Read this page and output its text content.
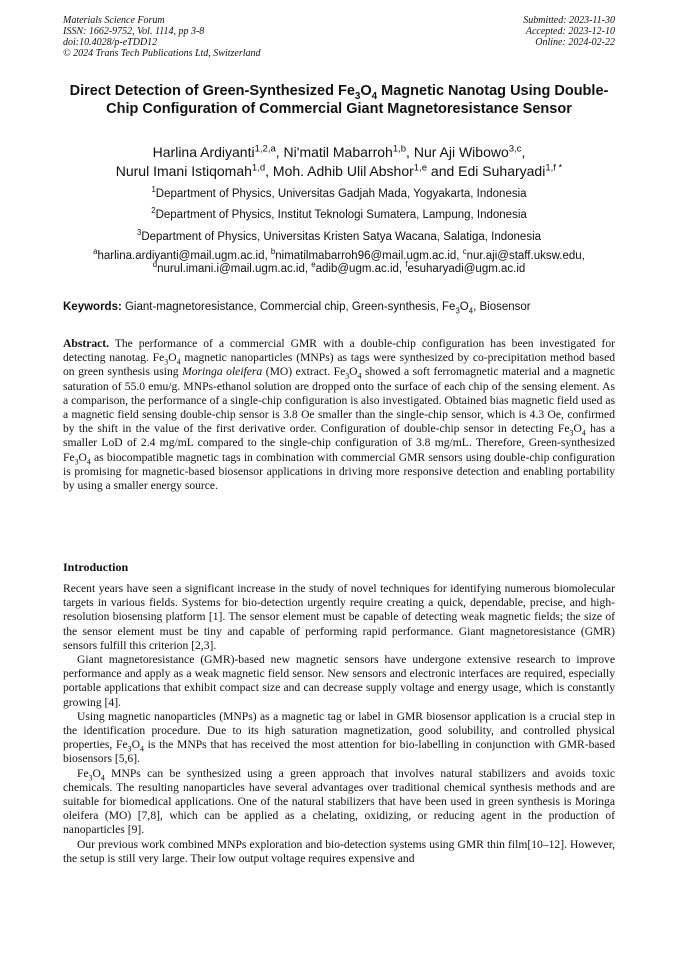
Materials Science Forum
ISSN: 1662-9752, Vol. 1114, pp 3-8
doi:10.4028/p-eTDD12
© 2024 Trans Tech Publications Ltd, Switzerland
Submitted: 2023-11-30
Accepted: 2023-12-10
Online: 2024-02-22
Direct Detection of Green-Synthesized $Fe_3O_4$ Magnetic Nanotag Using Double-Chip Configuration of Commercial Giant Magnetoresistance Sensor
Harlina Ardiyanti$^{1,2,a}$, Ni'matil Mabarroh$^{1,b}$, Nur Aji Wibowo$^{3,c}$,
Nurul Imani Istiqomah$^{1,d}$, Moh. Adhib Ulil Abshor$^{1,e}$ and Edi Suharyadi$^{1,f *}$
$^1$Department of Physics, Universitas Gadjah Mada, Yogyakarta, Indonesia
$^2$Department of Physics, Institut Teknologi Sumatera, Lampung, Indonesia
$^3$Department of Physics, Universitas Kristen Satya Wacana, Salatiga, Indonesia
$^a$harlina.ardiyanti@mail.ugm.ac.id, $^b$nimatilmabarroh96@mail.ugm.ac.id, $^c$nur.aji@staff.uksw.edu,
$^d$nurul.imani.i@mail.ugm.ac.id, $^e$adib@ugm.ac.id, $^f$esuharyadi@ugm.ac.id
Keywords: Giant-magnetoresistance, Commercial chip, Green-synthesis, $Fe_3O_4$, Biosensor
Abstract. The performance of a commercial GMR with a double-chip configuration has been investigated for detecting nanotag. $Fe_3O_4$ magnetic nanoparticles (MNPs) as tags were synthesized by co-precipitation method based on green synthesis using Moringa oleifera (MO) extract. $Fe_3O_4$ showed a soft ferromagnetic material and a magnetic saturation of 55.0 emu/g. MNPs-ethanol solution are dropped onto the surface of each chip of the sensing element. As a comparison, the performance of a single-chip configuration is also investigated. Obtained bias magnetic field used as a magnetic field sensing double-chip sensor is 3.8 Oe smaller than the single-chip sensor, which is 4.3 Oe, confirmed by the shift in the value of the first derivative order. Configuration of double-chip sensor in detecting $Fe_3O_4$ has a smaller LoD of 2.4 mg/mL compared to the single-chip configuration of 3.8 mg/mL. Therefore, Green-synthesized $Fe_3O_4$ as biocompatible magnetic tags in combination with commercial GMR sensors using double-chip configuration is promising for magnetic-based biosensor applications in driving more responsive detection and enabling portability by using a smaller energy source.
Introduction

Recent years have seen a significant increase in the study of novel techniques for identifying numerous biomolecular targets in various fields. Systems for bio-detection urgently require creating a quick, dependable, precise, and high-resolution biosensing platform [1]. The sensor element must be capable of detecting weak magnetic fields; the size of the sensor element must be tiny and capable of performing rapid performance. Giant magnetoresistance (GMR) sensors fulfill this criterion [2,3].

Giant magnetoresistance (GMR)-based new magnetic sensors have undergone extensive research to improve performance and apply as a weak magnetic field sensor. New sensors and electronic interfaces are required, especially portable applications that exhibit compact size and can decrease supply voltage and energy usage, which is constantly growing [4].

Using magnetic nanoparticles (MNPs) as a magnetic tag or label in GMR biosensor application is a crucial step in the identification procedure. Due to its high saturation magnetization, good solubility, and controlled physical properties, $Fe_3O_4$ is the MNPs that has received the most attention for bio-labelling in conjunction with GMR-based biosensors [5,6].

$Fe_3O_4$ MNPs can be synthesized using a green approach that involves natural stabilizers and avoids toxic chemicals. The resulting nanoparticles have several advantages over traditional chemical synthesis methods and are suitable for biomedical applications. One of the natural stabilizers that have been used in green synthesis is Moringa oleifera (MO) [7,8], which can be applied as a chelating, oxidizing, or reducing agent in the production of nanoparticles [9].

Our previous work combined MNPs exploration and bio-detection systems using GMR thin film[10–12]. However, the setup is still very large. Their low output voltage requires expensive and
